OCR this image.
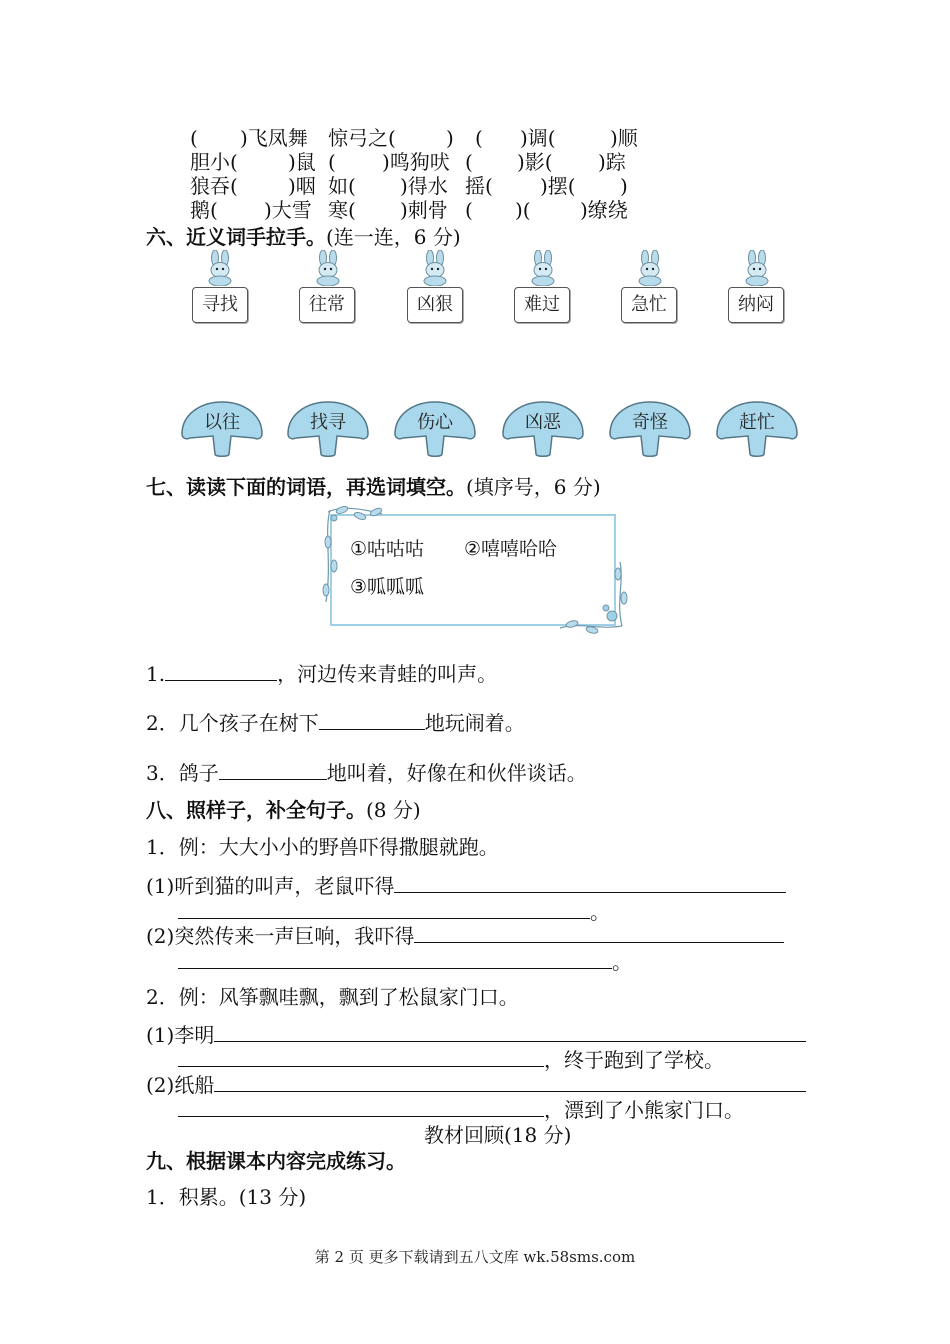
( )飞凤舞 惊弓之(	) ( )调(	)顺
胆小(	)鼠 ( )鸣狗吠 ( )影( )踪
狼吞(	)咽 如( )得水 摇( )摆( )
鹅( )大雪 寒( )刺骨 ( )( )缭绕
六、近义词手拉手。(连一连，6 分)
寻找	往常	凶狠	难过	急忙	纳闷
以往	找寻	伤心	凶恶	奇怪	赶忙
七、读读下面的词语，再选词填空。(填序号，6 分)
①咕咕咕 ②嘻嘻哈哈
③呱呱呱
1.	，河边传来青蛙的叫声。
2．几个孩子在树下	地玩闹着。
3．鸽子	地叫着，好像在和伙伴谈话。
八、照样子，补全句子。(8 分)
1．例：大大小小的野兽吓得撒腿就跑。
(1)听到猫的叫声，老鼠吓得
。
(2)突然传来一声巨响，我吓得
。
2．例：风筝飘哇飘，飘到了松鼠家门口。
(1)李明
，终于跑到了学校。
(2)纸船
，漂到了小熊家门口。
教材回顾(18 分)
九、根据课本内容完成练习。
1．积累。(13 分)
第 2 页 更多下载请到五八文库 wk.58sms.com
